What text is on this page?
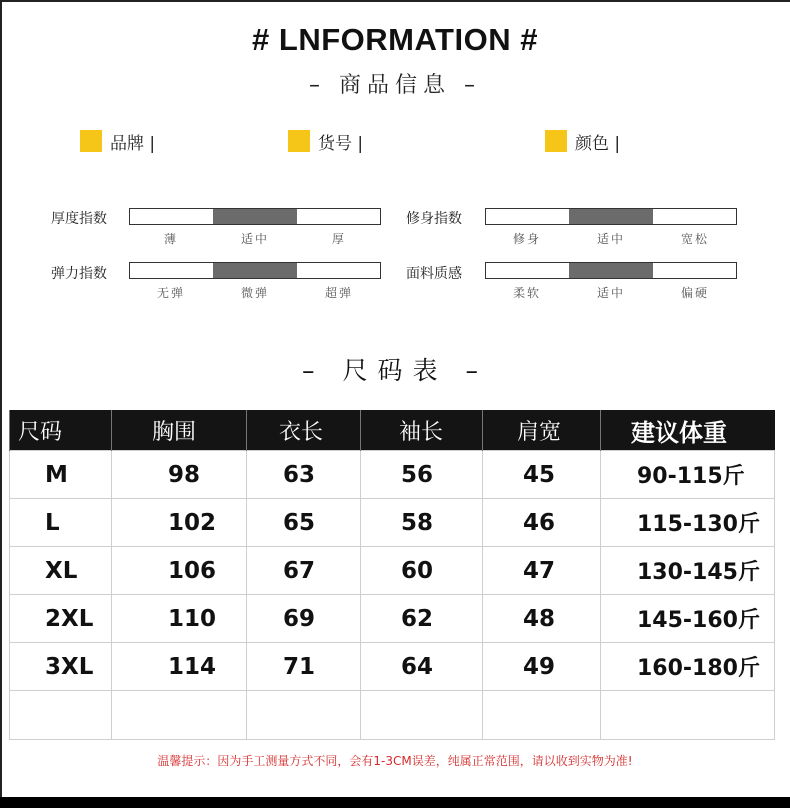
# LNFORMATION #
– 商品信息 –
品牌 |	货号 |	颜色 |
厚度指数
薄	适中	厚
修身指数
修身	适中	宽松
弹力指数
无弹	微弹	超弹
面料质感
柔软	适中	偏硬
– 尺码表 –
尺码	胸围	衣长	袖长	肩宽	建议体重
M	98	63	56	45	90-115斤
L	102	65	58	46	115-130斤
XL	106	67	60	47	130-145斤
2XL	110	69	62	48	145-160斤
3XL	114	71	64	49	160-180斤

温馨提示：因为手工测量方式不同，会有1-3CM误差，纯属正常范围，请以收到实物为准!
